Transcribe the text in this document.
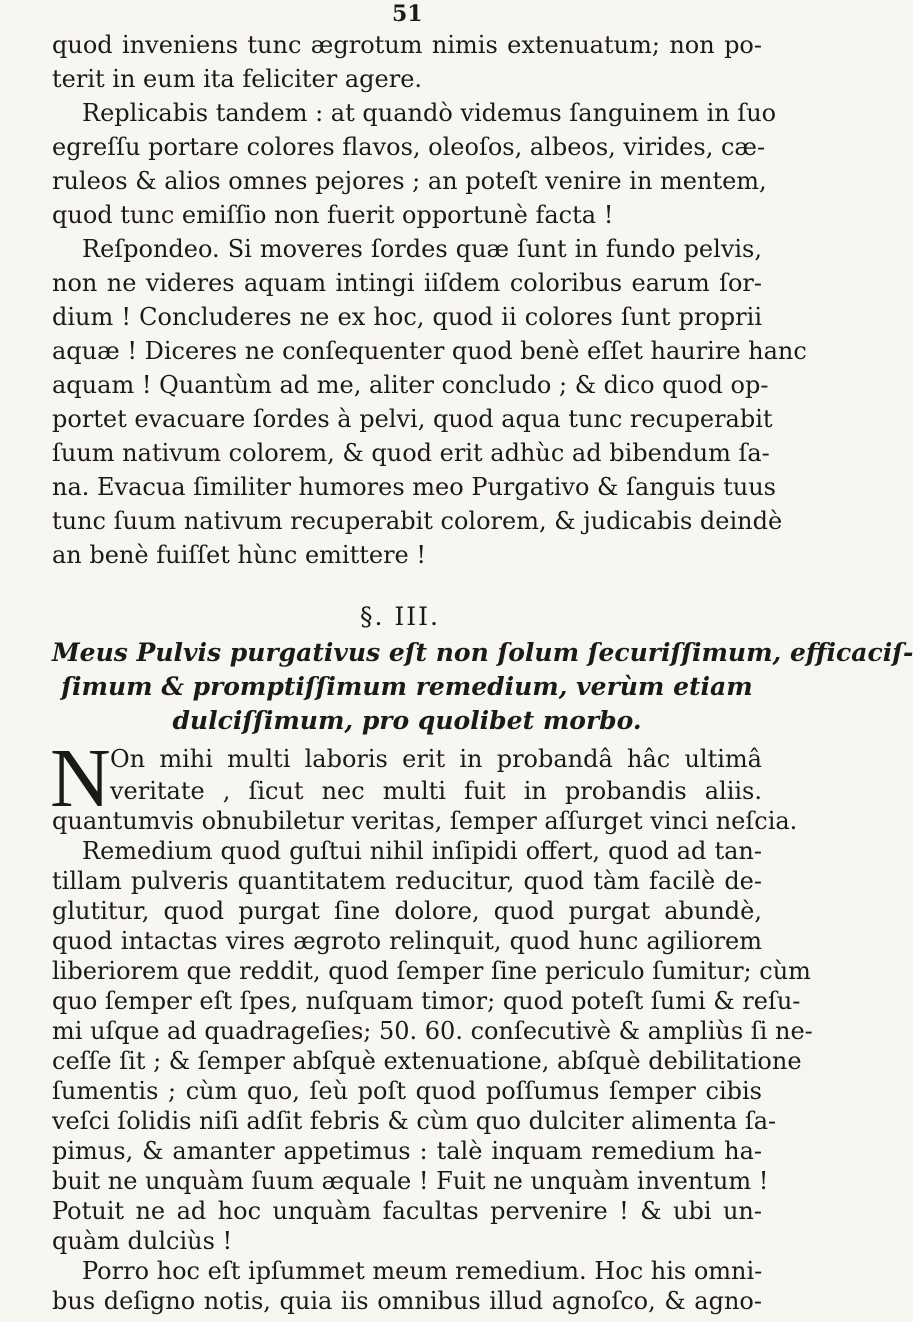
51
quod inveniens tunc ægrotum nimis extenuatum; non po-
terit in eum ita feliciter agere.
Replicabis tandem : at quandò videmus ſanguinem in ſuo
egreſſu portare colores flavos, oleoſos, albeos, virides, cæ-
ruleos & alios omnes pejores ; an poteſt venire in mentem,
quod tunc emiſſio non fuerit opportunè facta !
Reſpondeo. Si moveres ſordes quæ ſunt in fundo pelvis,
non ne videres aquam intingi iiſdem coloribus earum ſor-
dium ! Concluderes ne ex hoc, quod ii colores ſunt proprii
aquæ ! Diceres ne conſequenter quod benè eſſet haurire hanc
aquam ! Quantùm ad me, aliter concludo ; & dico quod op-
portet evacuare ſordes à pelvi, quod aqua tunc recuperabit
ſuum nativum colorem, & quod erit adhùc ad bibendum ſa-
na. Evacua ſimiliter humores meo Purgativo & ſanguis tuus
tunc ſuum nativum recuperabit colorem, & judicabis deindè
an benè fuiſſet hùnc emittere !
§. III.
Meus Pulvis purgativus eſt non ſolum ſecuriſſimum, efficaciſ-
ſimum & promptiſſimum remedium, verùm etiam
dulciſſimum, pro quolibet morbo.
N On mihi multi laboris erit in probandâ hâc ultimâ
veritate , ſicut nec multi fuit in probandis aliis.
quantumvis obnubiletur veritas, ſemper aſſurget vinci neſcia.
Remedium quod guſtui nihil inſipidi offert, quod ad tan-
tillam pulveris quantitatem reducitur, quod tàm facilè de-
glutitur, quod purgat ſine dolore, quod purgat abundè,
quod intactas vires ægroto relinquit, quod hunc agiliorem
liberiorem que reddit, quod ſemper ſine periculo ſumitur; cùm
quo ſemper eſt ſpes, nuſquam timor; quod poteſt ſumi & reſu-
mi uſque ad quadrageſies; 50. 60. conſecutivè & ampliùs ſi ne-
ceſſe ſit ; & ſemper abſquè extenuatione, abſquè debilitatione
ſumentis ; cùm quo, ſeù poſt quod poſſumus ſemper cibis
veſci ſolidis niſi adſit febris & cùm quo dulciter alimenta ſa-
pimus, & amanter appetimus : talè inquam remedium ha-
buit ne unquàm ſuum æquale ! Fuit ne unquàm inventum !
Potuit ne ad hoc unquàm facultas pervenire ! & ubi un-
quàm dulciùs !
Porro hoc eſt ipſummet meum remedium. Hoc his omni-
bus deſigno notis, quia iis omnibus illud agnoſco, & agno-
